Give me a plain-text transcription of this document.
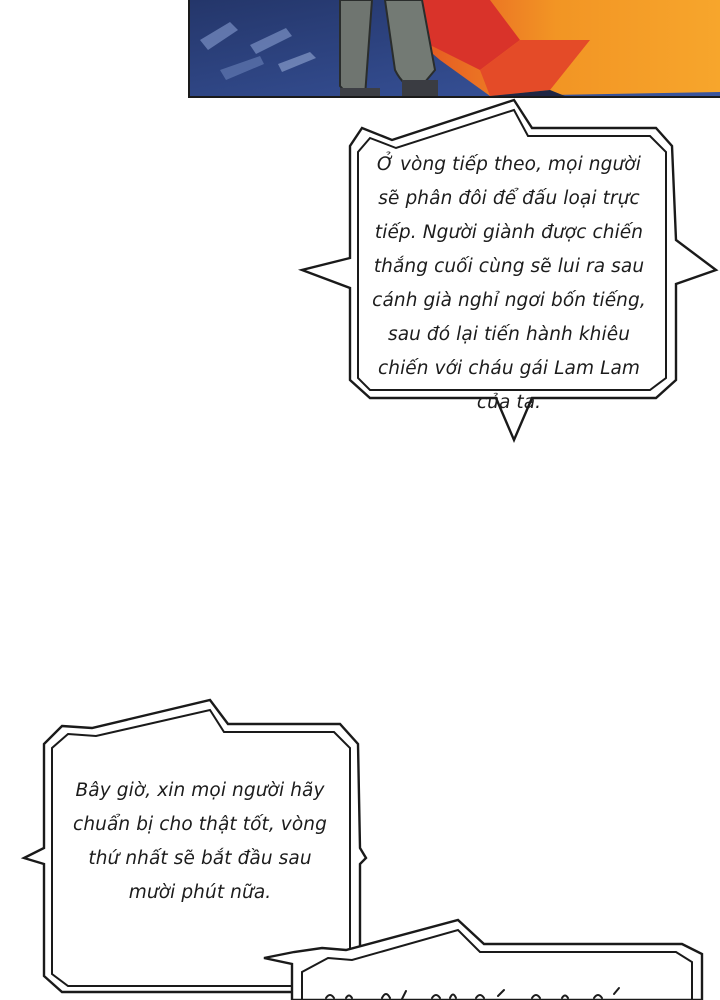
Ở vòng tiếp theo, mọi người
sẽ phân đôi để đấu loại trực
tiếp. Người giành được chiến
thắng cuối cùng sẽ lui ra sau
cánh già nghỉ ngơi bốn tiếng,
sau đó lại tiến hành khiêu
chiến với cháu gái Lam Lam
của ta.
Bây giờ, xin mọi người hãy
chuẩn bị cho thật tốt, vòng
thứ nhất sẽ bắt đầu sau
mười phút nữa.
